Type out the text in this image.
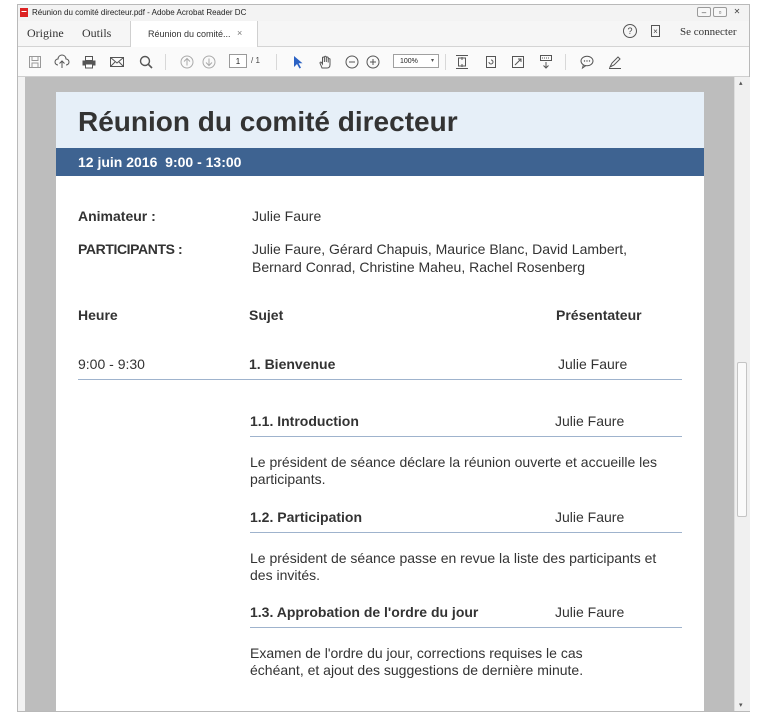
Réunion du comité directeur.pdf - Adobe Acrobat Reader DC	–	▫	✕
Origine Outils	Réunion du comité... ×	?	× Se connecter
1	/ 1	100% ▾
Réunion du comité directeur
12 juin 2016  9:00 - 13:00
Animateur :	Julie Faure
PARTICIPANTS :	Julie Faure, Gérard Chapuis, Maurice Blanc, David Lambert,
Bernard Conrad, Christine Maheu, Rachel Rosenberg
Heure	Sujet	Présentateur
9:00 - 9:30	1. Bienvenue	Julie Faure
1.1. Introduction	Julie Faure
Le président de séance déclare la réunion ouverte et accueille les
participants.
1.2. Participation	Julie Faure
Le président de séance passe en revue la liste des participants et
des invités.
1.3. Approbation de l'ordre du jour	Julie Faure
Examen de l'ordre du jour, corrections requises le cas
échéant, et ajout des suggestions de dernière minute.
▴
▾
